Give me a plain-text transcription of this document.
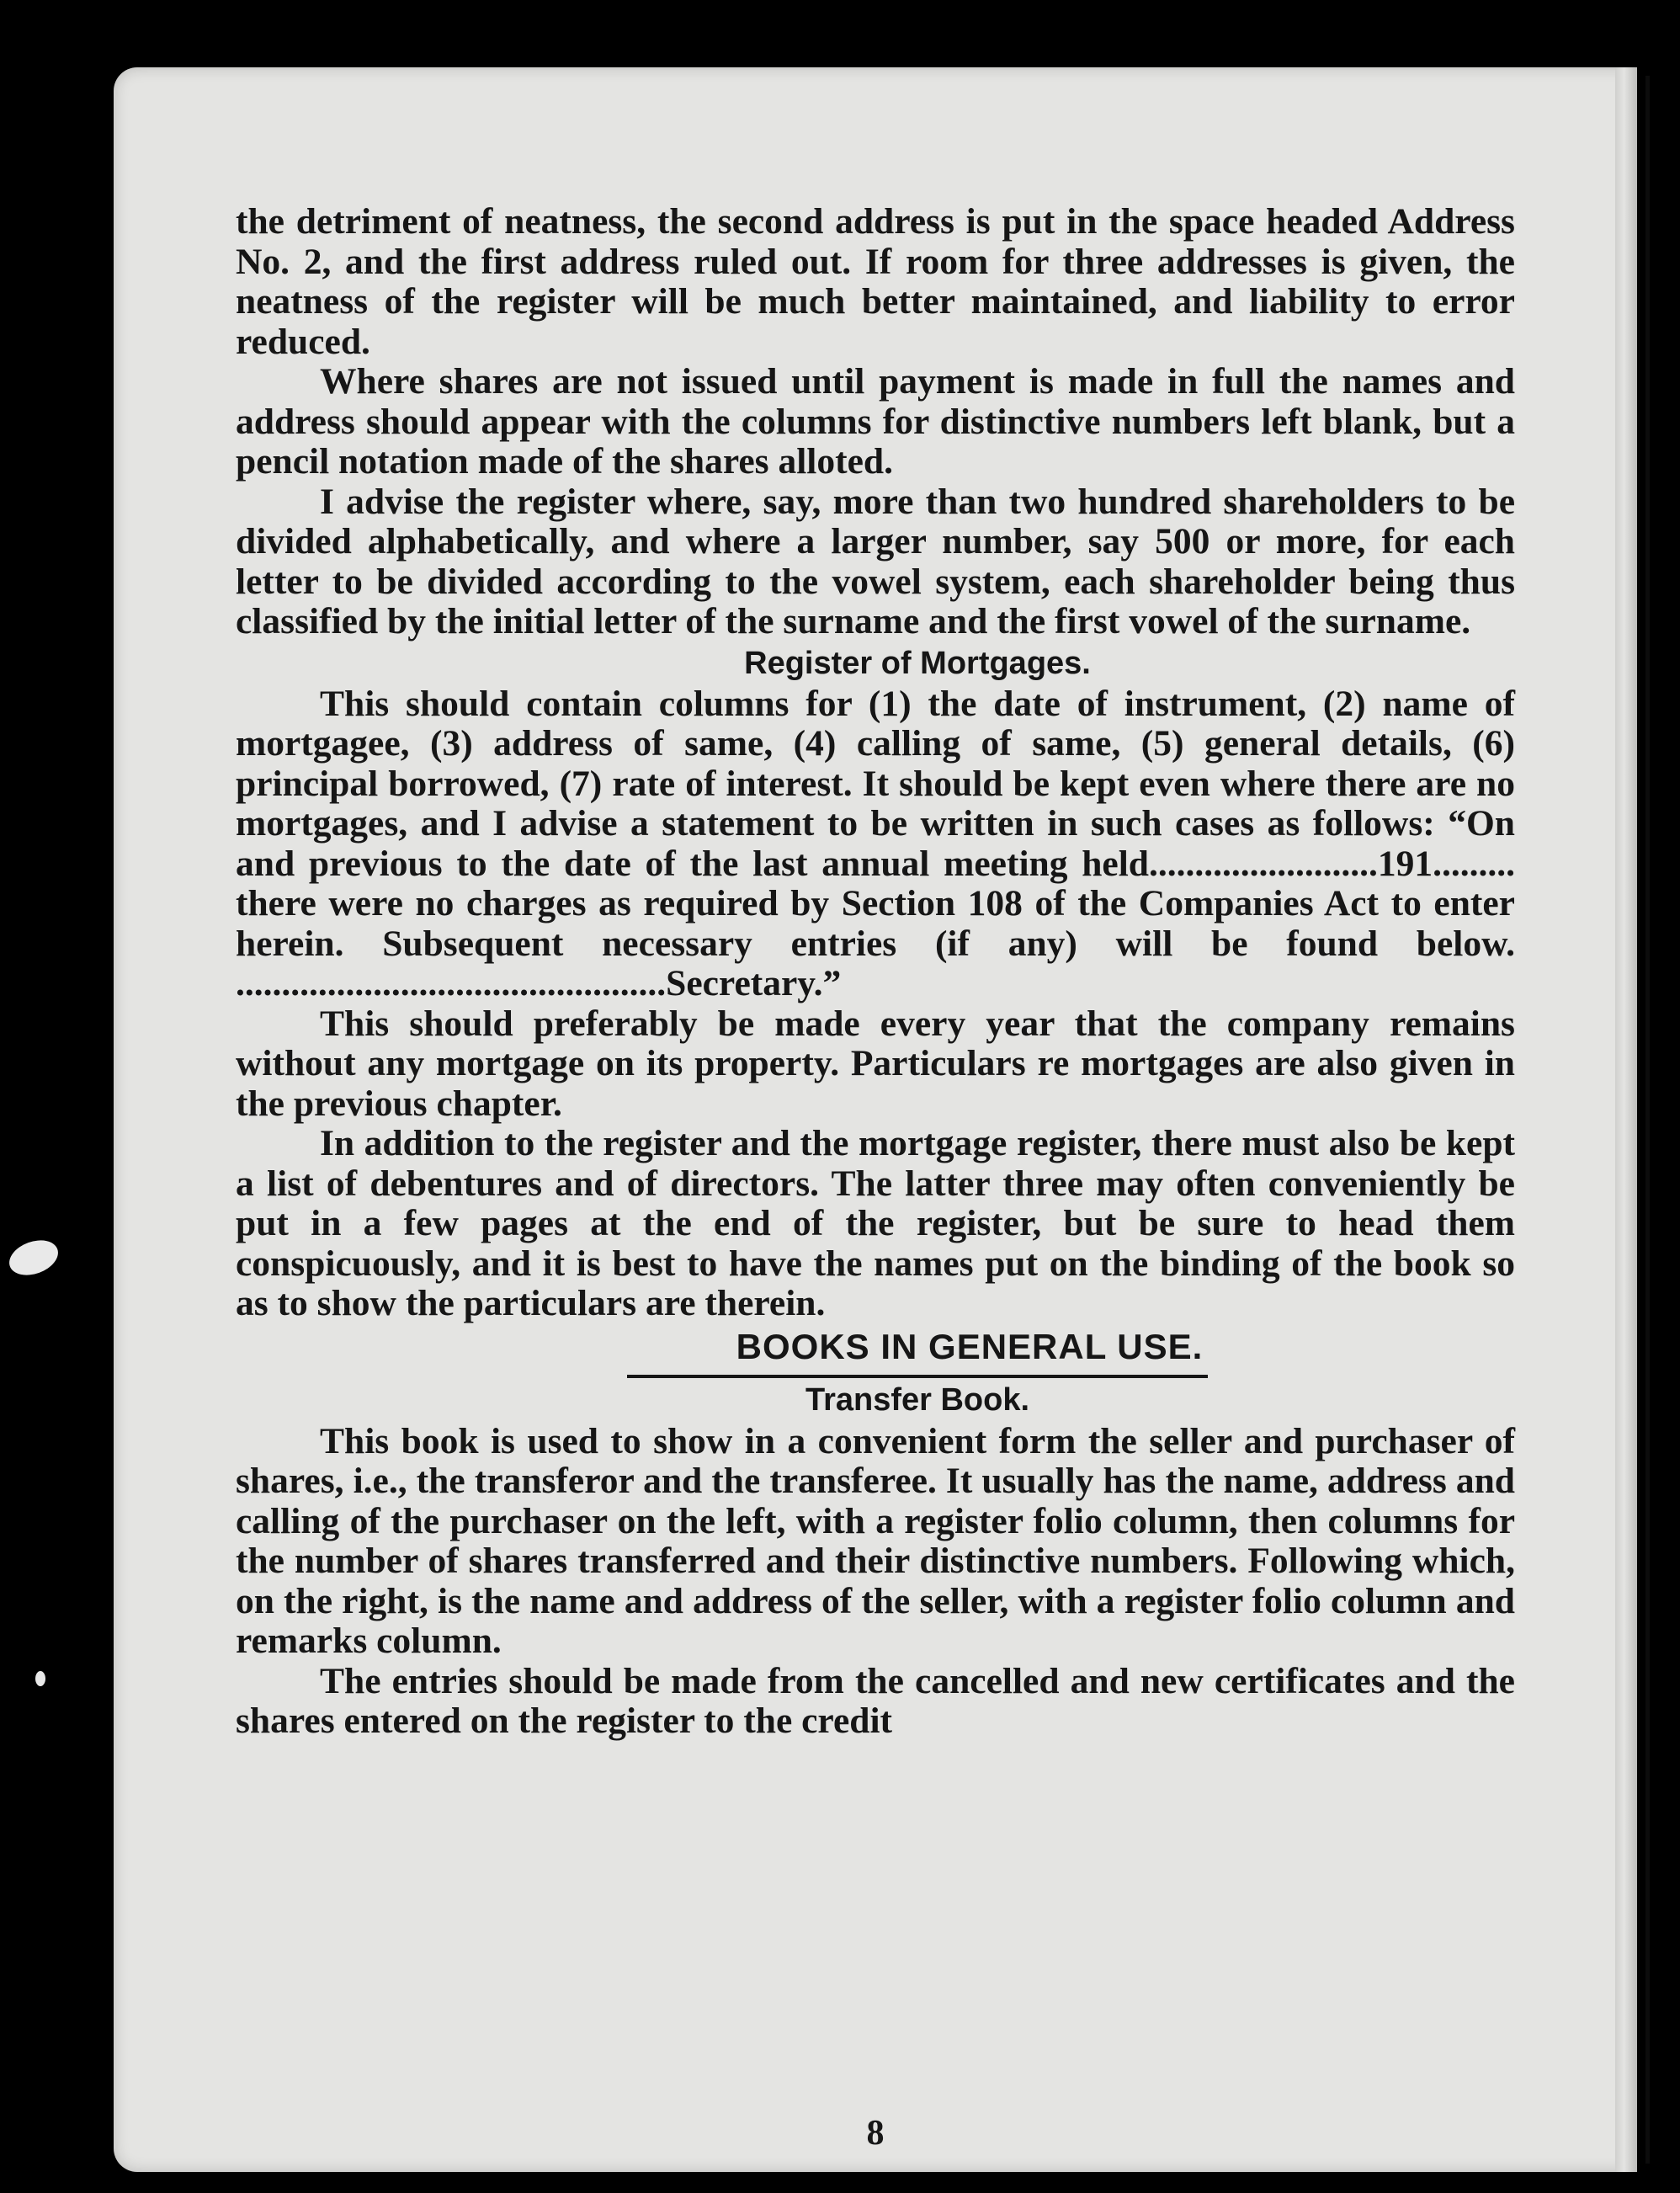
8

the detriment of neatness, the second address is put in the space headed Address No. 2, and the first address ruled out. If room for three addresses is given, the neatness of the register will be much better maintained, and liability to error reduced.

Where shares are not issued until payment is made in full the names and address should appear with the columns for distinctive numbers left blank, but a pencil notation made of the shares alloted.

I advise the register where, say, more than two hundred shareholders to be divided alphabetically, and where a larger number, say 500 or more, for each letter to be divided according to the vowel system, each shareholder being thus classified by the initial letter of the surname and the first vowel of the surname.

Register of Mortgages.

This should contain columns for (1) the date of instrument, (2) name of mortgagee, (3) address of same, (4) calling of same, (5) general details, (6) principal borrowed, (7) rate of interest. It should be kept even where there are no mortgages, and I advise a statement to be written in such cases as follows: “On and previous to the date of the last annual meeting held.........................191......... there were no charges as required by Section 108 of the Companies Act to enter herein. Subsequent necessary entries (if any) will be found below. ...............................................Secretary.”

This should preferably be made every year that the company remains without any mortgage on its property. Particulars re mortgages are also given in the previous chapter.

In addition to the register and the mortgage register, there must also be kept a list of debentures and of directors. The latter three may often conveniently be put in a few pages at the end of the register, but be sure to head them conspicuously, and it is best to have the names put on the binding of the book so as to show the particulars are therein.

BOOKS IN GENERAL USE.

Transfer Book.

This book is used to show in a convenient form the seller and purchaser of shares, i.e., the transferor and the transferee. It usually has the name, address and calling of the purchaser on the left, with a register folio column, then columns for the number of shares transferred and their distinctive numbers. Following which, on the right, is the name and address of the seller, with a register folio column and remarks column.

The entries should be made from the cancelled and new certificates and the shares entered on the register to the credit
